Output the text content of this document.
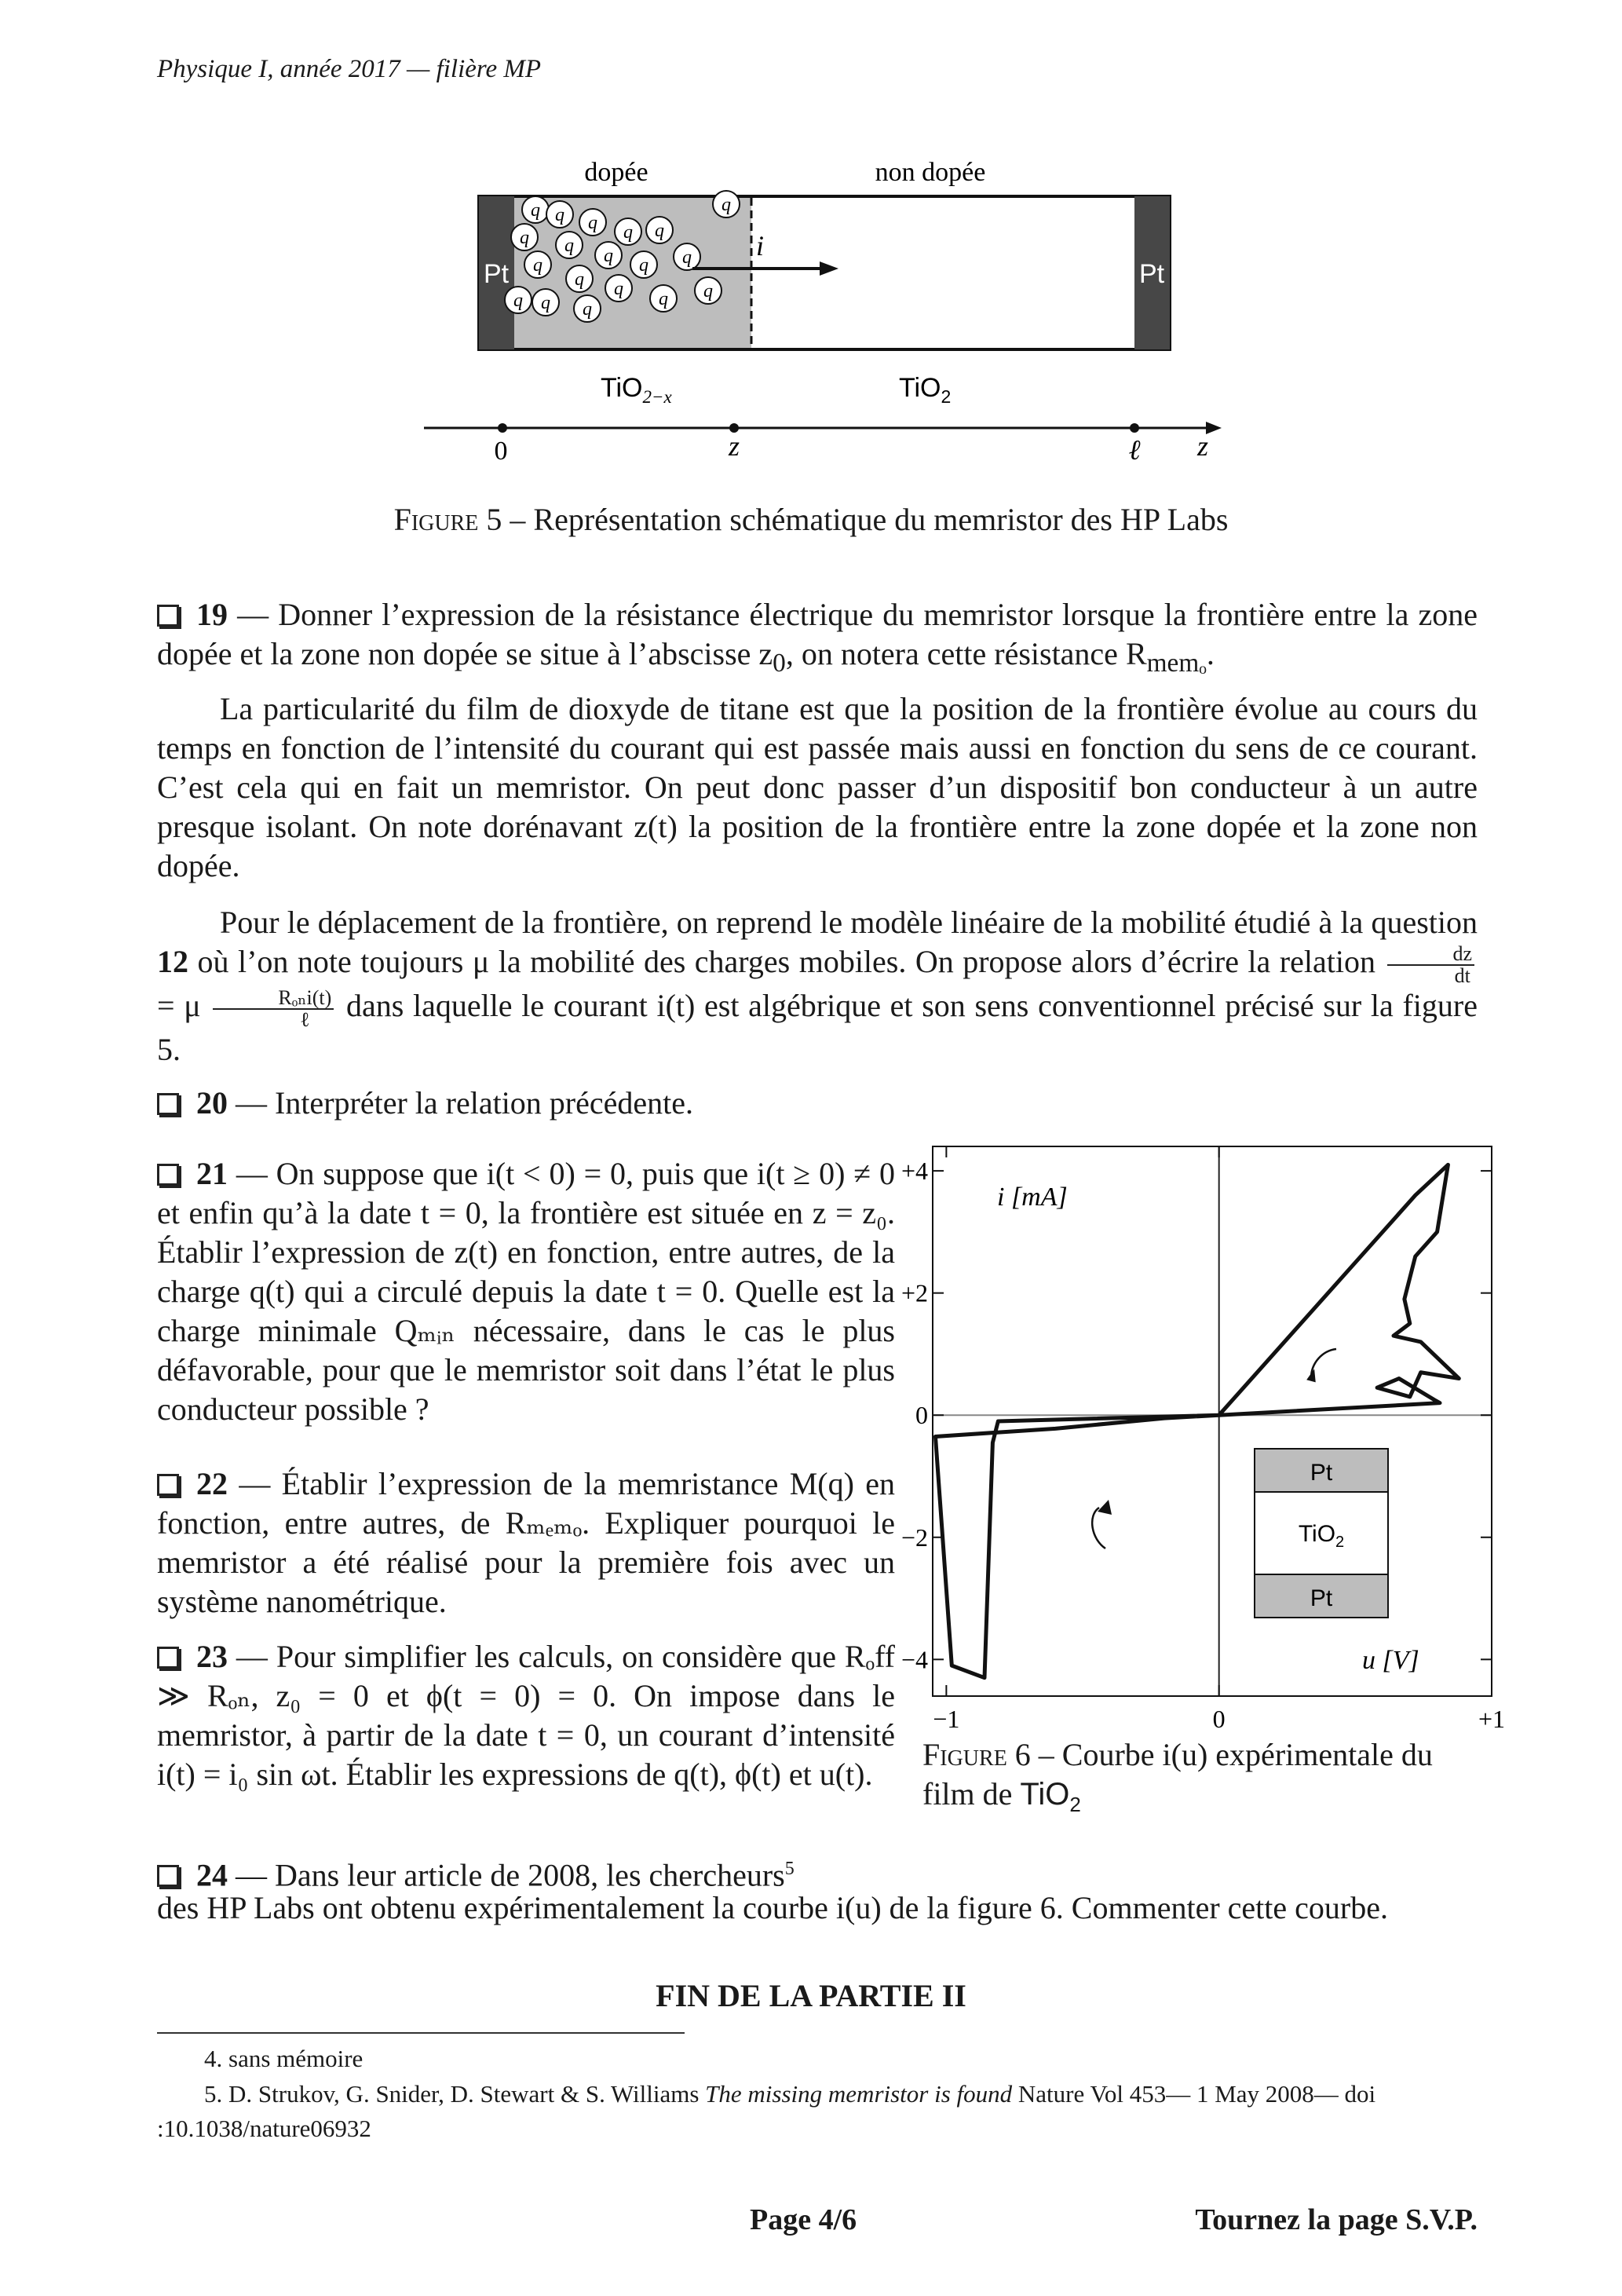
Physique I, année 2017 — filière MP
Pt	Pt
dopée	non dopée
q q q q q
q
q q q q q
q
q q q q
q q q
i
TiO$_{2-x}$	TiO$_2$
0	z	ℓ z
Figure 5 – Représentation schématique du memristor des HP Labs

19 — Donner l’expression de la résistance électrique du memristor lorsque la frontière entre la zone dopée et la zone non dopée se situe à l’abscisse $z_0$, on notera cette résistance $R_{mem_o}$.

La particularité du film de dioxyde de titane est que la position de la frontière évolue au cours du temps en fonction de l’intensité du courant qui est passée mais aussi en fonction du sens de ce courant. C’est cela qui en fait un memristor. On peut donc passer d’un dispositif bon conducteur à un autre presque isolant. On note dorénavant z(t) la position de la frontière entre la zone dopée et la zone non dopée.

Pour le déplacement de la frontière, on reprend le modèle linéaire de la mobilité étudié à la question 12 où l’on note toujours μ la mobilité des charges mobiles. On propose alors d’écrire la relation $\frac{dz}{dt}$
= μ $\frac{\text{Rₒₙi(t)}}{\text{ℓ}}$ dans laquelle le courant i(t) est algébrique et son sens conventionnel précisé sur la figure 5.

20 — Interpréter la relation précédente.

21 — On suppose que i(t < 0) = 0, puis que i(t ≥ 0) ≠ 0 et enfin qu’à la date t = 0, la frontière est située en z = z₀. Établir l’expression de z(t) en fonction, entre autres, de la charge q(t) qui a circulé depuis la date t = 0. Quelle est la charge minimale Qₘᵢₙ nécessaire, dans le cas le plus défavorable, pour que le memristor soit dans l’état le plus conducteur possible ?

22 — Établir l’expression de la memristance M(q) en fonction, entre autres, de Rₘₑₘₒ. Expliquer pourquoi le memristor a été réalisé pour la première fois avec un système nanométrique.

23 — Pour simplifier les calculs, on considère que Rₒff ≫ Rₒₙ, z₀ = 0 et ϕ(t = 0) = 0. On impose dans le memristor, à partir de la date t = 0, un courant d’intensité i(t) = i₀ sin ωt. Établir les expressions de q(t), ϕ(t) et u(t).

24 — Dans leur article de 2008, les chercheurs$^5$

des HP Labs ont obtenu expérimentalement la courbe i(u) de la figure 6. Commenter cette courbe.

−4
−2
0
+2
+4
−1	0	+1
i [mA]
u [V]
Pt
TiO$_2$
Pt
Figure 6 – Courbe i(u) expérimentale du film de TiO$_2$
FIN DE LA PARTIE II

4. sans mémoire

5. D. Strukov, G. Snider, D. Stewart & S. Williams The missing memristor is found Nature Vol 453— 1 May 2008— doi :10.1038/nature06932

Page 4/6	Tournez la page S.V.P.
